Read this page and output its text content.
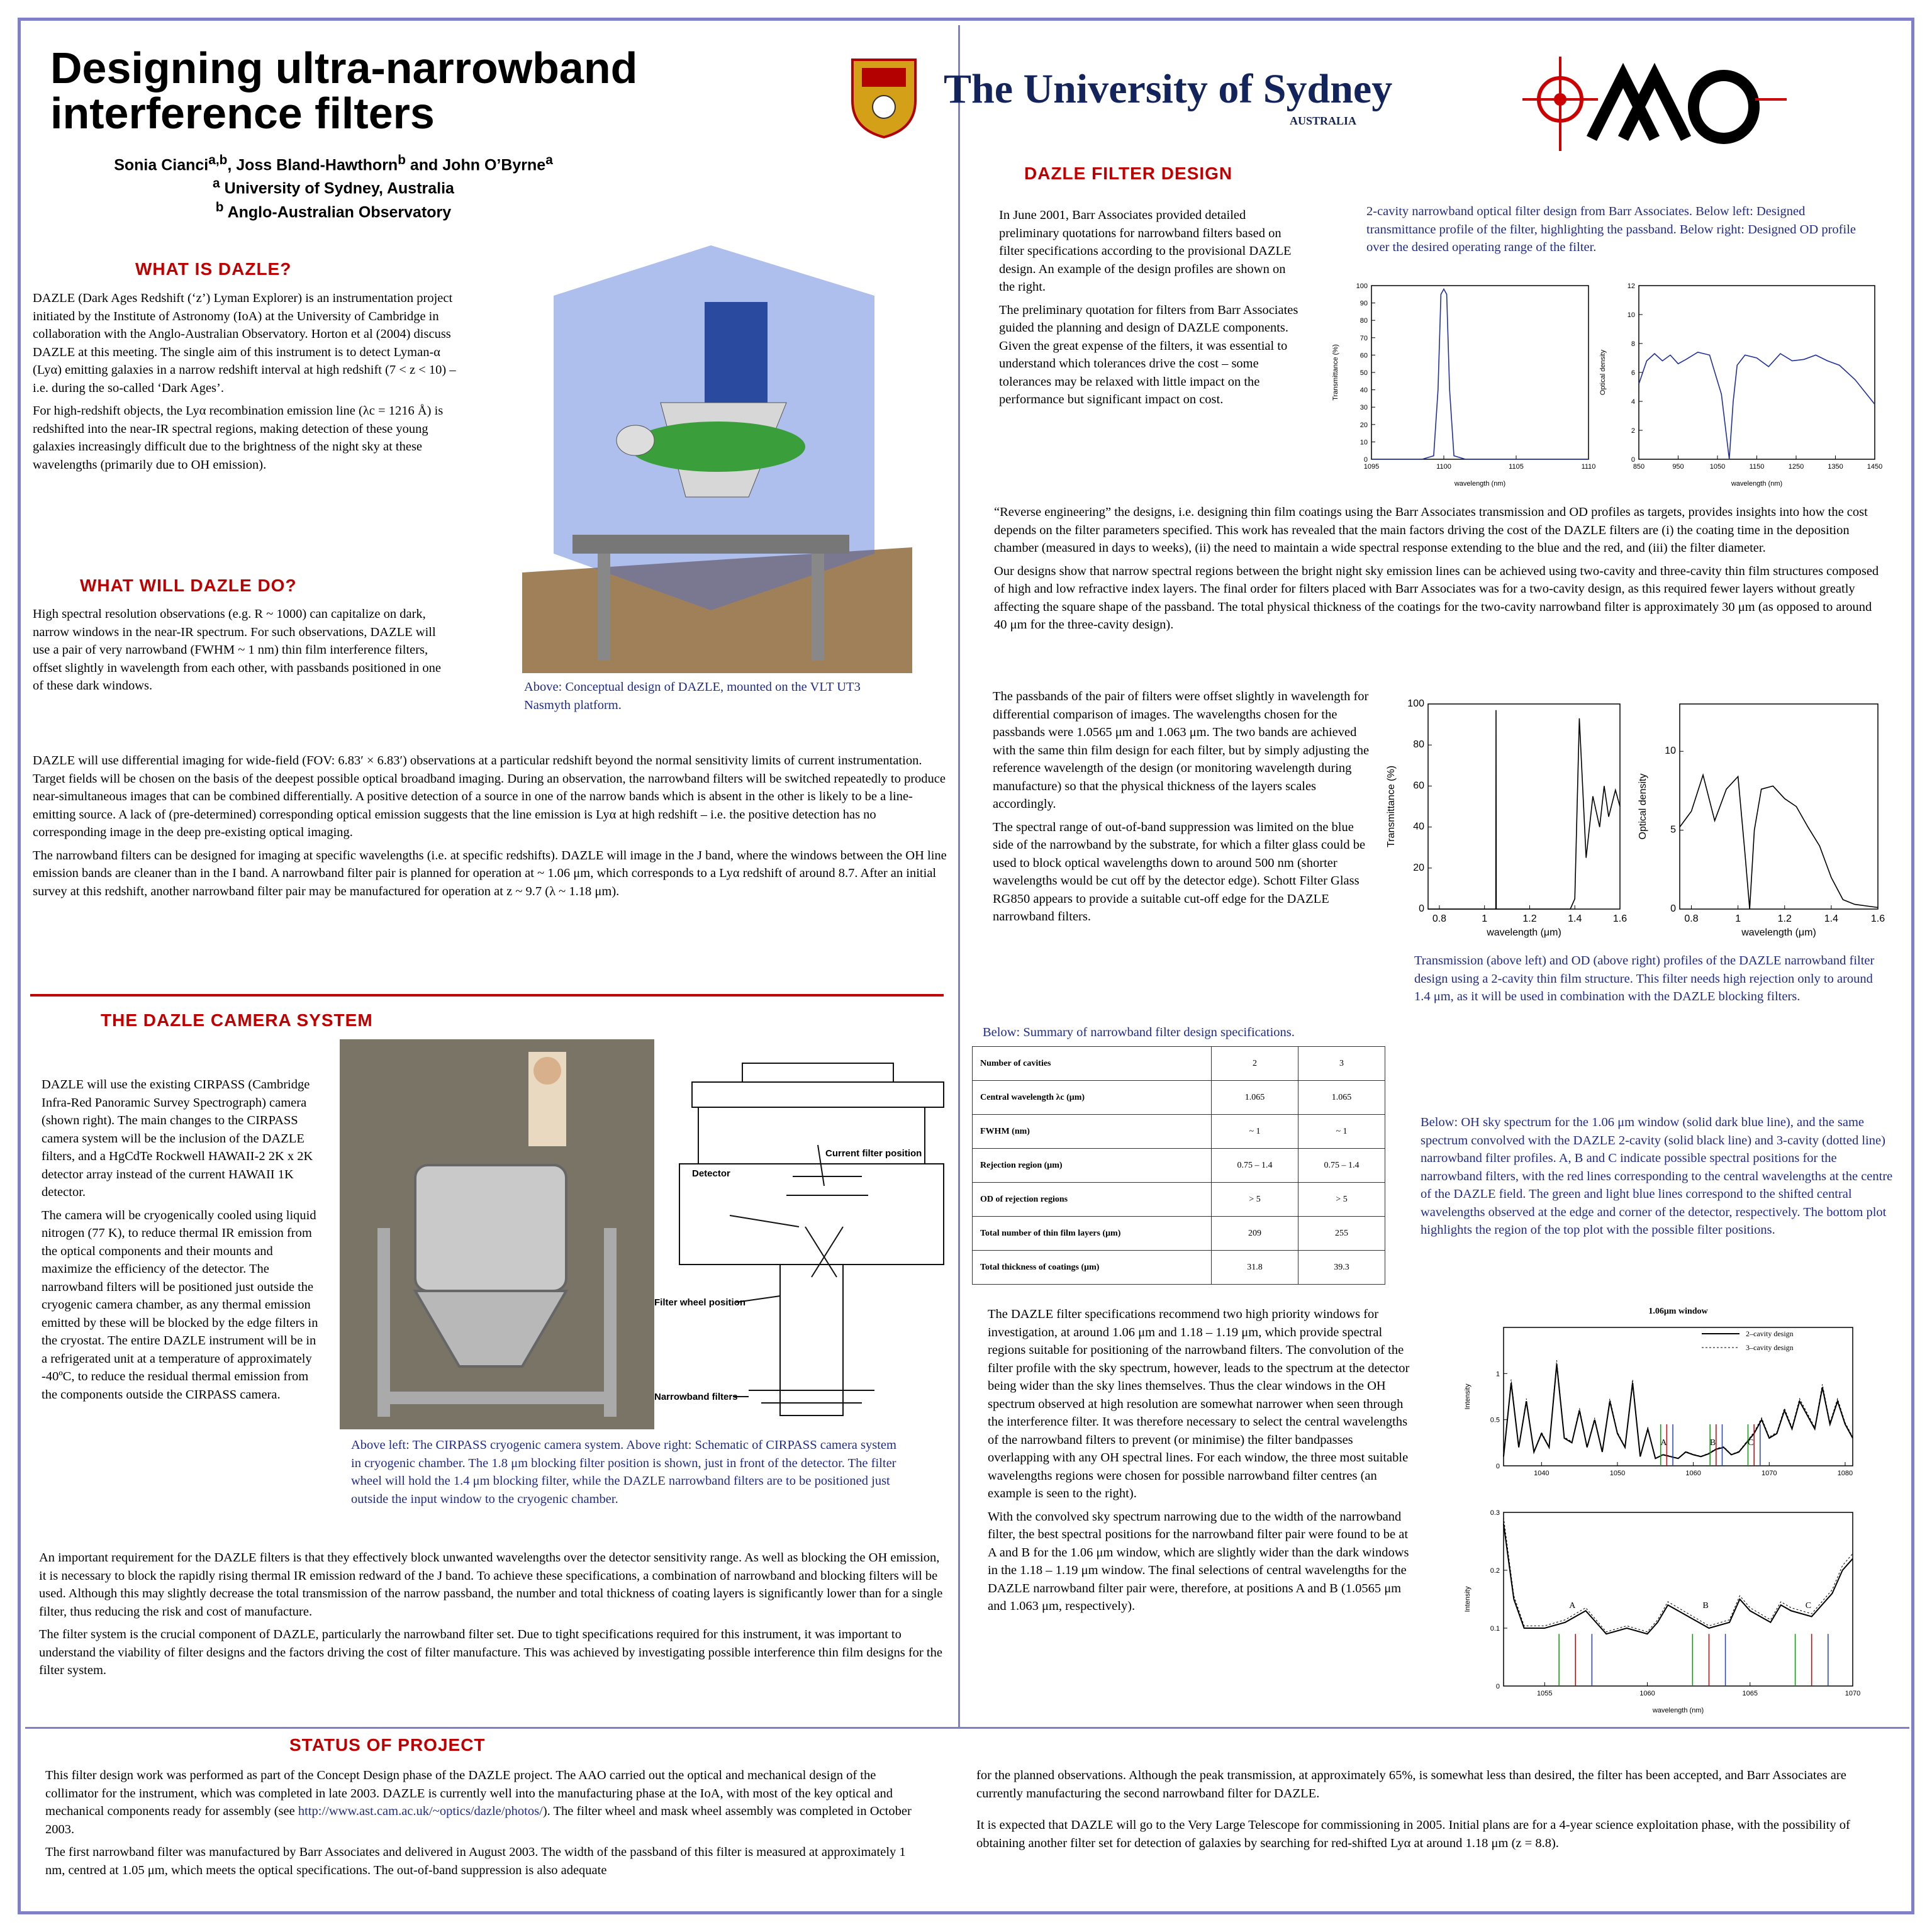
Designing ultra-narrowband
interference filters
Sonia Cianci$^{a,b}$, Joss Bland-Hawthorn$^b$ and John O’Byrne$^a$
$^a$ University of Sydney, Australia
$^b$ Anglo-Australian Observatory
The University of Sydney
AUSTRALIA
WHAT IS DAZLE?

DAZLE (Dark Ages Redshift (‘z’) Lyman Explorer) is an instrumentation project initiated by the Institute of Astronomy (IoA) at the University of Cambridge in collaboration with the Anglo-Australian Observatory. Horton et al (2004) discuss DAZLE at this meeting. The single aim of this instrument is to detect Lyman-α (Lyα) emitting galaxies in a narrow redshift interval at high redshift (7 < z < 10) – i.e. during the so-called ‘Dark Ages’.

For high-redshift objects, the Lyα recombination emission line (λc = 1216 Å) is redshifted into the near-IR spectral regions, making detection of these young galaxies increasingly difficult due to the brightness of the night sky at these wavelengths (primarily due to OH emission).

Above: Conceptual design of DAZLE, mounted on the VLT UT3 Nasmyth platform.
WHAT WILL DAZLE DO?

High spectral resolution observations (e.g. R ~ 1000) can capitalize on dark, narrow windows in the near-IR spectrum. For such observations, DAZLE will use a pair of very narrowband (FWHM ~ 1 nm) thin film interference filters, offset slightly in wavelength from each other, with passbands positioned in one of these dark windows.

DAZLE will use differential imaging for wide-field (FOV: 6.83′ × 6.83′) observations at a particular redshift beyond the normal sensitivity limits of current instrumentation. Target fields will be chosen on the basis of the deepest possible optical broadband imaging. During an observation, the narrowband filters will be switched repeatedly to produce near-simultaneous images that can be combined differentially. A positive detection of a source in one of the narrow bands which is absent in the other is likely to be a line-emitting source. A lack of (pre-determined) corresponding optical emission suggests that the line emission is Lyα at high redshift – i.e. the positive detection has no corresponding image in the deep pre-existing optical imaging.

The narrowband filters can be designed for imaging at specific wavelengths (i.e. at specific redshifts). DAZLE will image in the J band, where the windows between the OH line emission bands are cleaner than in the I band. A narrowband filter pair is planned for operation at ~ 1.06 μm, which corresponds to a Lyα redshift of around 8.7. After an initial survey at this redshift, another narrowband filter pair may be manufactured for operation at z ~ 9.7 (λ ~ 1.18 μm).

THE DAZLE CAMERA SYSTEM

DAZLE will use the existing CIRPASS (Cambridge Infra-Red Panoramic Survey Spectrograph) camera (shown right). The main changes to the CIRPASS camera system will be the inclusion of the DAZLE filters, and a HgCdTe Rockwell HAWAII-2 2K x 2K detector array instead of the current HAWAII 1K detector.

The camera will be cryogenically cooled using liquid nitrogen (77 K), to reduce thermal IR emission from the optical components and their mounts and maximize the efficiency of the detector. The narrowband filters will be positioned just outside the cryogenic camera chamber, as any thermal emission emitted by these will be blocked by the edge filters in the cryostat. The entire DAZLE instrument will be in a refrigerated unit at a temperature of approximately -40ºC, to reduce the residual thermal emission from the components outside the CIRPASS camera.

Current filter position
Detector
Filter wheel position
Narrowband filters
Above left: The CIRPASS cryogenic camera system. Above right: Schematic of CIRPASS camera system in cryogenic chamber. The 1.8 μm blocking filter position is shown, just in front of the detector. The filter wheel will hold the 1.4 μm blocking filter, while the DAZLE narrowband filters are to be positioned just outside the input window to the cryogenic chamber.

An important requirement for the DAZLE filters is that they effectively block unwanted wavelengths over the detector sensitivity range. As well as blocking the OH emission, it is necessary to block the rapidly rising thermal IR emission redward of the J band. To achieve these specifications, a combination of narrowband and blocking filters will be used. Although this may slightly decrease the total transmission of the narrow passband, the number and total thickness of coating layers is significantly lower than for a single filter, thus reducing the risk and cost of manufacture.

The filter system is the crucial component of DAZLE, particularly the narrowband filter set. Due to tight specifications required for this instrument, it was important to understand the viability of filter designs and the factors driving the cost of filter manufacture. This was achieved by investigating possible interference thin film designs for the filter system.

DAZLE FILTER DESIGN

In June 2001, Barr Associates provided detailed preliminary quotations for narrowband filters based on filter specifications according to the provisional DAZLE design. An example of the design profiles are shown on the right.

The preliminary quotation for filters from Barr Associates guided the planning and design of DAZLE components. Given the great expense of the filters, it was essential to understand which tolerances drive the cost – some tolerances may be relaxed with little impact on the performance but significant impact on cost.

2-cavity narrowband optical filter design from Barr Associates. Below left: Designed transmittance profile of the filter, highlighting the passband. Below right: Designed OD profile over the desired operating range of the filter.
1095	1100	1105	1110
0
10
20
30
40
50
60
70
80
90
100
wavelength (nm)
Transmittance (%)
850	950	1050	1150	1250	1350	1450
0
2
4
6
8
10
12
wavelength (nm)
Optical density

“Reverse engineering” the designs, i.e. designing thin film coatings using the Barr Associates transmission and OD profiles as targets, provides insights into how the cost depends on the filter parameters specified. This work has revealed that the main factors driving the cost of the DAZLE filters are (i) the coating time in the deposition chamber (measured in days to weeks), (ii) the need to maintain a wide spectral response extending to the blue and the red, and (iii) the filter diameter.

Our designs show that narrow spectral regions between the bright night sky emission lines can be achieved using two-cavity and three-cavity thin film structures composed of high and low refractive index layers. The final order for filters placed with Barr Associates was for a two-cavity design, as this required fewer layers without greatly affecting the square shape of the passband. The total physical thickness of the coatings for the two-cavity narrowband filter is approximately 30 μm (as opposed to around 40 μm for the three-cavity design).

The passbands of the pair of filters were offset slightly in wavelength for differential comparison of images. The wavelengths chosen for the passbands were 1.0565 μm and 1.063 μm. The two bands are achieved with the same thin film design for each filter, but by simply adjusting the reference wavelength of the design (or monitoring wavelength during manufacture) so that the physical thickness of the layers scales accordingly.

The spectral range of out-of-band suppression was limited on the blue side of the narrowband by the substrate, for which a filter glass could be used to block optical wavelengths down to around 500 nm (shorter wavelengths would be cut off by the detector edge). Schott Filter Glass RG850 appears to provide a suitable cut-off edge for the DAZLE narrowband filters.	0.8	1	1.2	1.4	1.6
0
20
40
60
80
100
wavelength (μm)
Transmittance (%)
0.8	1	1.2	1.4	1.6
0
5
10
wavelength (μm)
Optical density
Transmission (above left) and OD (above right) profiles of the DAZLE narrowband filter design using a 2-cavity thin film structure. This filter needs high rejection only to around 1.4 μm, as it will be used in combination with the DAZLE blocking filters.
Below: Summary of narrowband filter design specifications.
Number of cavities	2	3
Central wavelength λc (μm)	1.065	1.065
FWHM (nm)	~ 1	~ 1
Rejection region (μm)	0.75 – 1.4	0.75 – 1.4
OD of rejection regions	> 5	> 5
Total number of thin film layers (μm)	209	255
Total thickness of coatings (μm)	31.8	39.3
Below: OH sky spectrum for the 1.06 μm window (solid dark blue line), and the same spectrum convolved with the DAZLE 2-cavity (solid black line) and 3-cavity (dotted line) narrowband filter profiles. A, B and C indicate possible spectral positions for the narrowband filters, with the red lines corresponding to the central wavelengths at the centre of the DAZLE field. The green and light blue lines correspond to the shifted central wavelengths observed at the edge and corner of the detector, respectively. The bottom plot highlights the region of the top plot with the possible filter positions.
1040	1050	1060	1070	1080
0
0.5
1
Intensity
1.06μm window
2–cavity design
3–cavity design
A	B	C
1055	1060	1065	1070
0
0.1
0.2
0.3
wavelength (nm)
Intensity	A	B	C

The DAZLE filter specifications recommend two high priority windows for investigation, at around 1.06 μm and 1.18 – 1.19 μm, which provide spectral regions suitable for positioning of the narrowband filters. The convolution of the filter profile with the sky spectrum, however, leads to the spectrum at the detector being wider than the sky lines themselves. Thus the clear windows in the OH spectrum observed at high resolution are somewhat narrower when seen through the interference filter. It was therefore necessary to select the central wavelengths of the narrowband filters to prevent (or minimise) the filter bandpasses overlapping with any OH spectral lines. For each window, the three most suitable wavelengths regions were chosen for possible narrowband filter centres (an example is seen to the right).

With the convolved sky spectrum narrowing due to the width of the narrowband filter, the best spectral positions for the narrowband filter pair were found to be at A and B for the 1.06 μm window, which are slightly wider than the dark windows in the 1.18 – 1.19 μm window. The final selections of central wavelengths for the DAZLE narrowband filter pair were, therefore, at positions A and B (1.0565 μm and 1.063 μm, respectively).

STATUS OF PROJECT

This filter design work was performed as part of the Concept Design phase of the DAZLE project. The AAO carried out the optical and mechanical design of the collimator for the instrument, which was completed in late 2003. DAZLE is currently well into the manufacturing phase at the IoA, with most of the key optical and mechanical components ready for assembly (see http://www.ast.cam.ac.uk/~optics/dazle/photos/). The filter wheel and mask wheel assembly was completed in October 2003.

The first narrowband filter was manufactured by Barr Associates and delivered in August 2003. The width of the passband of this filter is measured at approximately 1 nm, centred at 1.05 μm, which meets the optical specifications. The out-of-band suppression is also adequate

for the planned observations. Although the peak transmission, at approximately 65%, is somewhat less than desired, the filter has been accepted, and Barr Associates are currently manufacturing the second narrowband filter for DAZLE.

It is expected that DAZLE will go to the Very Large Telescope for commissioning in 2005. Initial plans are for a 4-year science exploitation phase, with the possibility of obtaining another filter set for detection of galaxies by searching for red-shifted Lyα at around 1.18 μm (z = 8.8).
